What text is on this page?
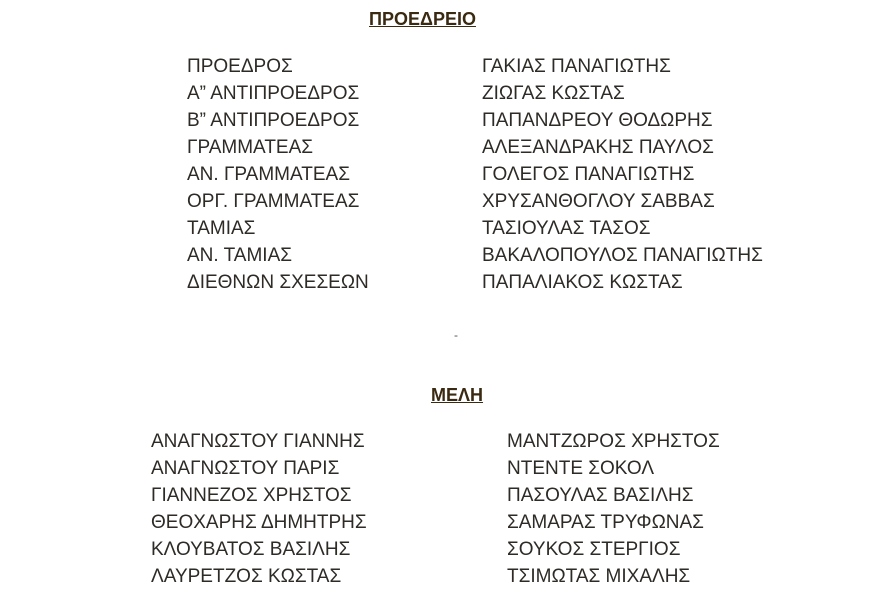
ΠΡΟΕΔΡΕΙΟ
ΠΡΟΕΔΡΟΣ
Α” ΑΝΤΙΠΡΟΕΔΡΟΣ
Β” ΑΝΤΙΠΡΟΕΔΡΟΣ
ΓΡΑΜΜΑΤΕΑΣ
ΑΝ. ΓΡΑΜΜΑΤΕΑΣ
ΟΡΓ. ΓΡΑΜΜΑΤΕΑΣ
ΤΑΜΙΑΣ
ΑΝ. ΤΑΜΙΑΣ
ΔΙΕΘΝΩΝ ΣΧΕΣΕΩΝ
ΓΑΚΙΑΣ ΠΑΝΑΓΙΩΤΗΣ
ΖΙΩΓΑΣ ΚΩΣΤΑΣ
ΠΑΠΑΝΔΡΕΟΥ ΘΟΔΩΡΗΣ
ΑΛΕΞΑΝΔΡΑΚΗΣ ΠΑΥΛΟΣ
ΓΟΛΕΓΟΣ ΠΑΝΑΓΙΩΤΗΣ
ΧΡΥΣΑΝΘΟΓΛΟΥ ΣΑΒΒΑΣ
ΤΑΣΙΟΥΛΑΣ ΤΑΣΟΣ
ΒΑΚΑΛΟΠΟΥΛΟΣ ΠΑΝΑΓΙΩΤΗΣ
ΠΑΠΑΛΙΑΚΟΣ ΚΩΣΤΑΣ
-
ΜΕΛΗ
ΑΝΑΓΝΩΣΤΟΥ ΓΙΑΝΝΗΣ
ΑΝΑΓΝΩΣΤΟΥ ΠΑΡΙΣ
ΓΙΑΝΝΕΖΟΣ ΧΡΗΣΤΟΣ
ΘΕΟΧΑΡΗΣ ΔΗΜΗΤΡΗΣ
ΚΛΟΥΒΑΤΟΣ ΒΑΣΙΛΗΣ
ΛΑΥΡΕΤΖΟΣ ΚΩΣΤΑΣ
ΜΑΝΤΖΩΡΟΣ ΧΡΗΣΤΟΣ
ΝΤΕΝΤΕ ΣΟΚΟΛ
ΠΑΣΟΥΛΑΣ ΒΑΣΙΛΗΣ
ΣΑΜΑΡΑΣ ΤΡΥΦΩΝΑΣ
ΣΟΥΚΟΣ ΣΤΕΡΓΙΟΣ
ΤΣΙΜΩΤΑΣ ΜΙΧΑΛΗΣ
